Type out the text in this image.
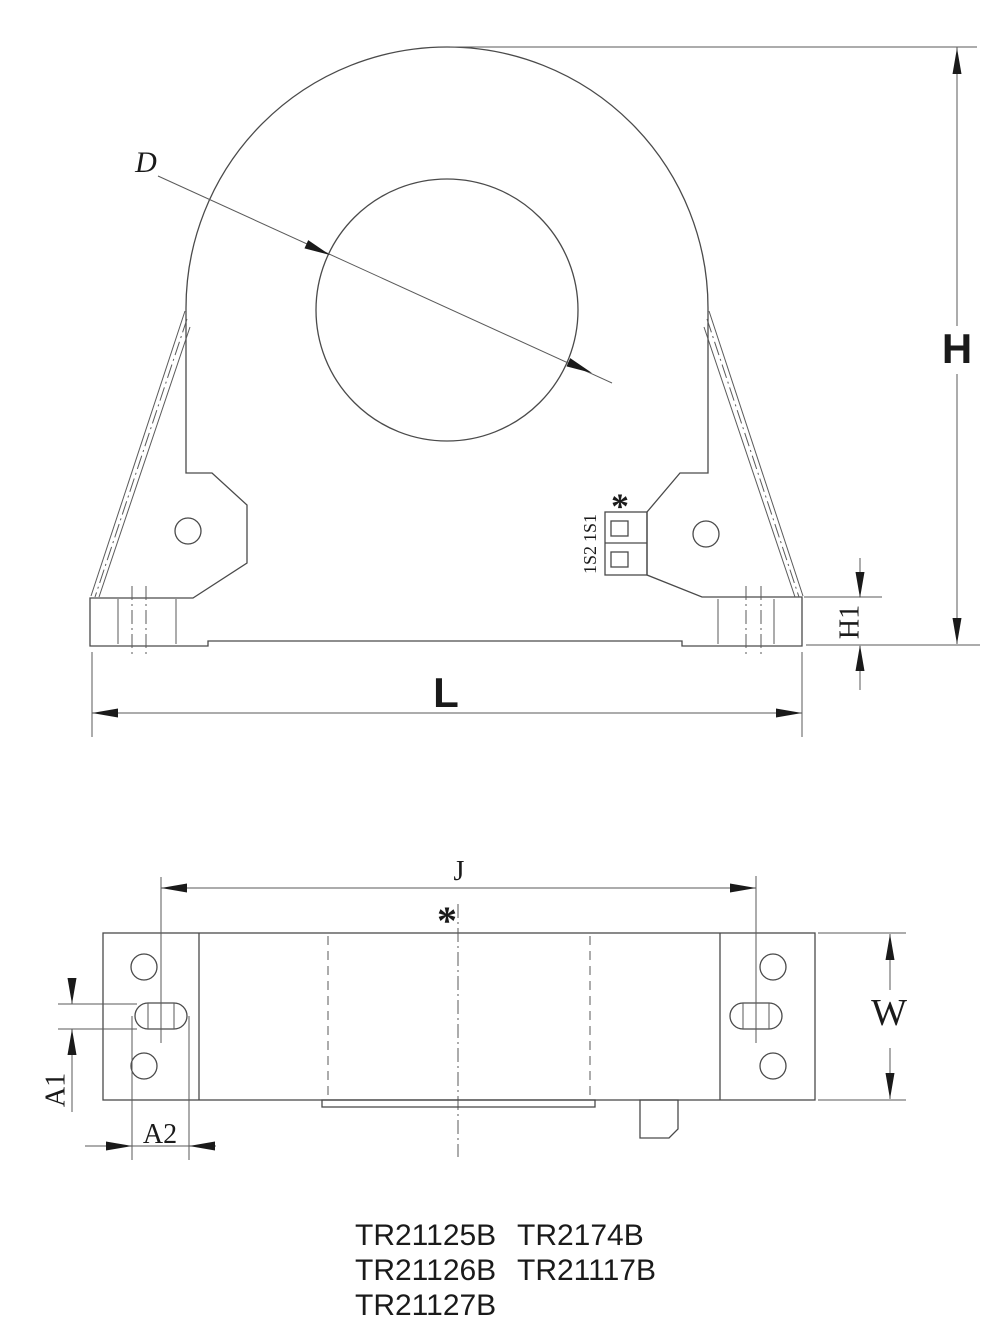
*
1S1
1S2
D
H
H1
L
J
*
W
A1
A2
TR21125B
TR21126B
TR21127B
TR2174B
TR21117B
